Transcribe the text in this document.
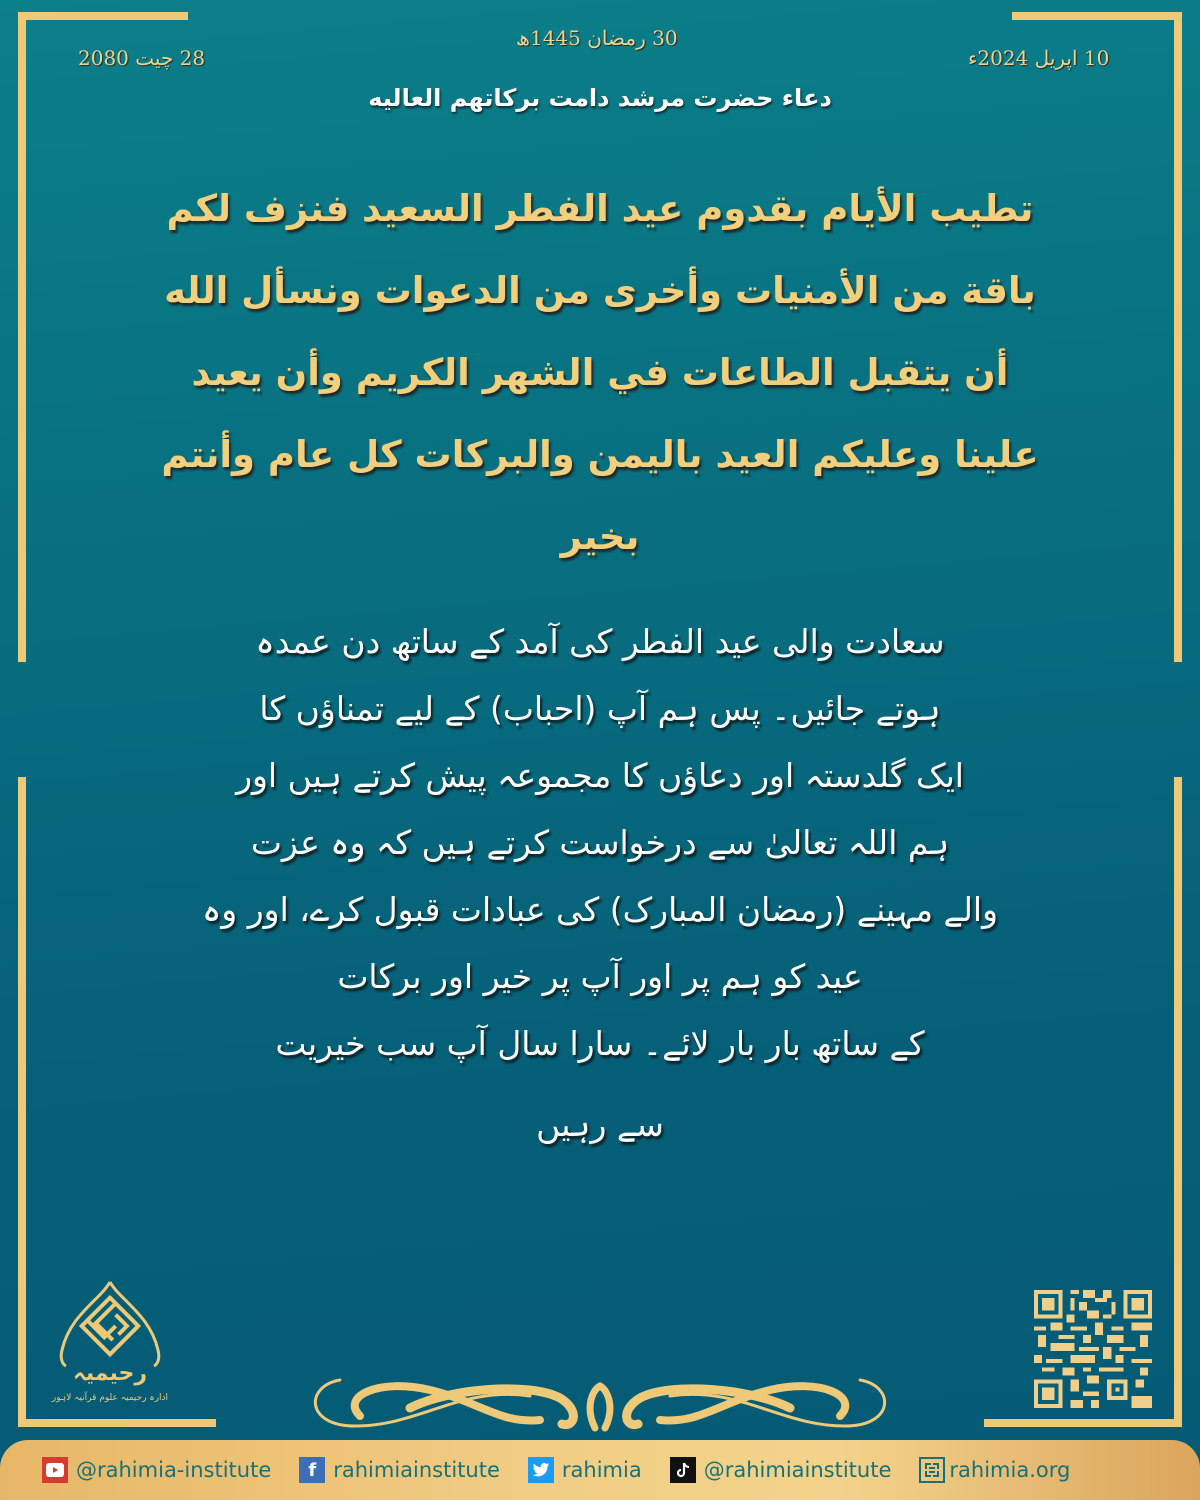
28 چیت 2080
30 رمضان 1445ھ
10 اپریل 2024ء
دعاء حضرت مرشد دامت برکاتهم العالیه
تطيب الأيام بقدوم عيد الفطر السعيد فنزف لكم
باقة من الأمنيات وأخرى من الدعوات ونسأل الله
أن يتقبل الطاعات في الشهر الكريم وأن يعيد
علينا وعليكم العيد باليمن والبركات كل عام وأنتم
بخير
سعادت والی عید الفطر کی آمد کے ساتھ دن عمدہ
ہوتے جائیں۔ پس ہم آپ (احباب) کے لیے تمناؤں کا
ایک گلدستہ اور دعاؤں کا مجموعہ پیش کرتے ہیں اور
ہم اللہ تعالیٰ سے درخواست کرتے ہیں کہ وہ عزت
والے مہینے (رمضان المبارک) کی عبادات قبول کرے، اور وہ
عید کو ہم پر اور آپ پر خیر اور برکات
کے ساتھ بار بار لائے۔ سارا سال آپ سب خیریت
سے رہیں
رحیمیہ
ادارہ رحیمیہ علوم قرآنیہ لاہور
@rahimia-institute	f rahimiainstitute	rahimia	@rahimiainstitute	rahimia.org
